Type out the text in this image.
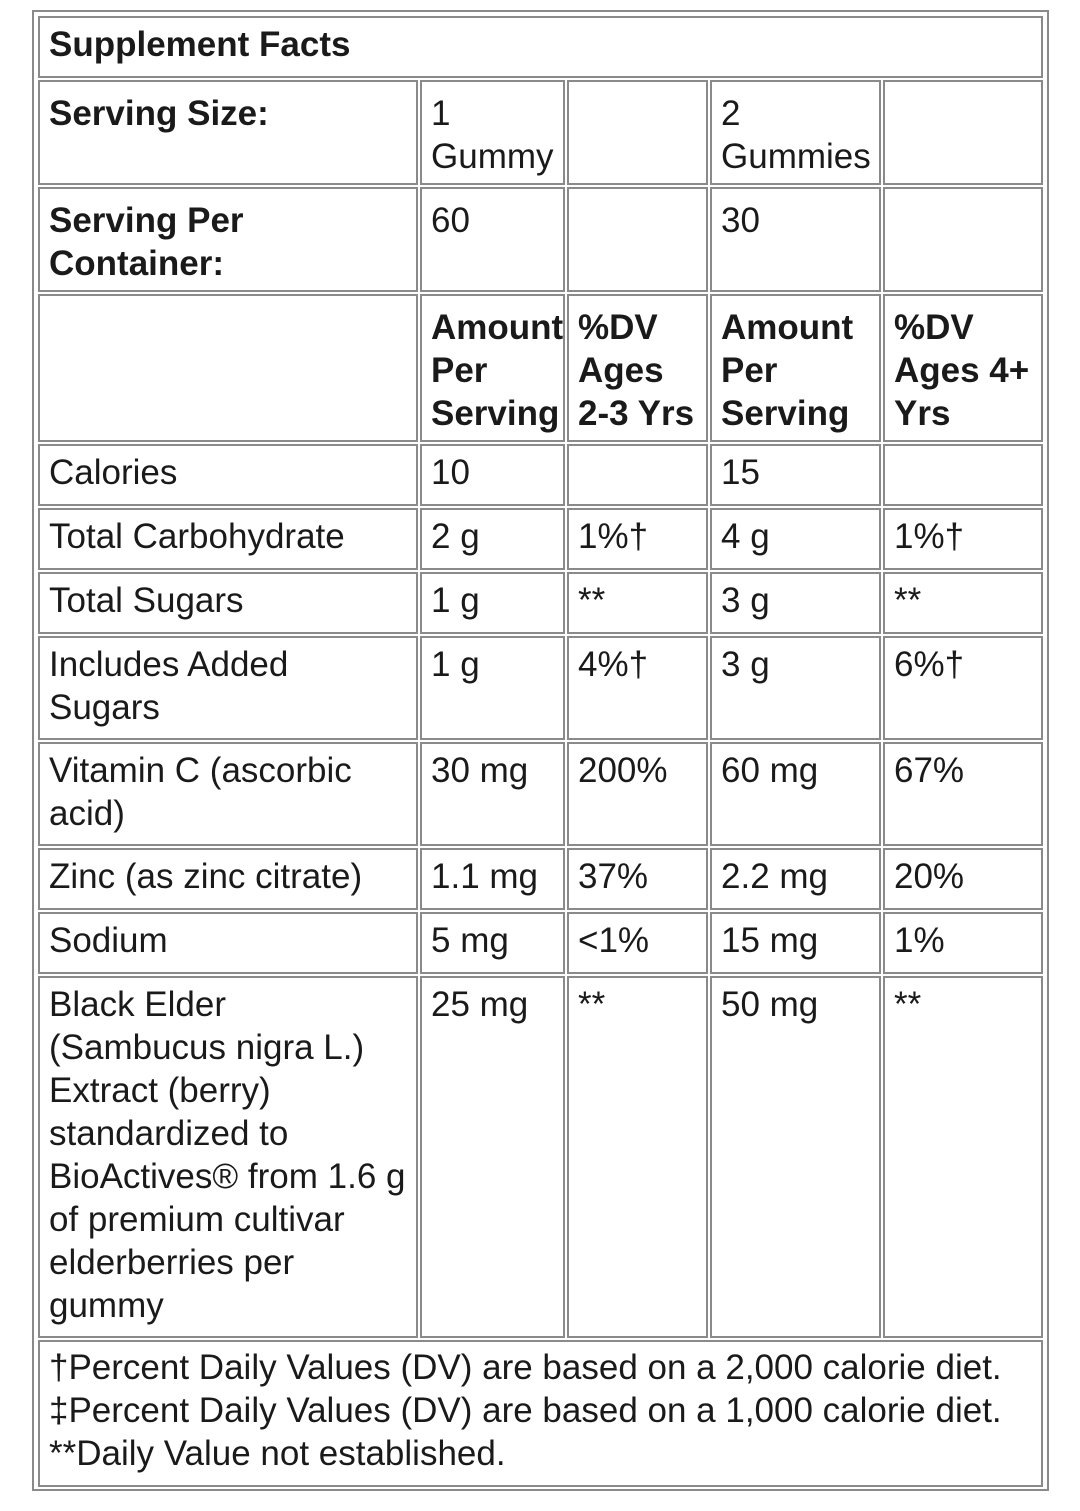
Supplement Facts				
Serving Size:	1 Gummy		2 Gummies	
Serving Per Container:	60		30	
	Amount Per Serving	%DV Ages 2-3 Yrs	Amount Per Serving	%DV Ages 4+ Yrs
Calories	10		15	
Total Carbohydrate	2 g	1%†	4 g	1%†
Total Sugars	1 g	**	3 g	**
Includes Added Sugars	1 g	4%†	3 g	6%†
Vitamin C (ascorbic acid)	30 mg	200%	60 mg	67%
Zinc (as zinc citrate)	1.1 mg	37%	2.2 mg	20%
Sodium	5 mg	<1%	15 mg	1%
Black Elder (Sambucus nigra L.) Extract (berry) standardized to BioActives® from 1.6 g of premium cultivar elderberries per gummy	25 mg	**	50 mg	**

†Percent Daily Values (DV) are based on a 2,000 calorie diet.
‡Percent Daily Values (DV) are based on a 1,000 calorie diet.
**Daily Value not established.				
